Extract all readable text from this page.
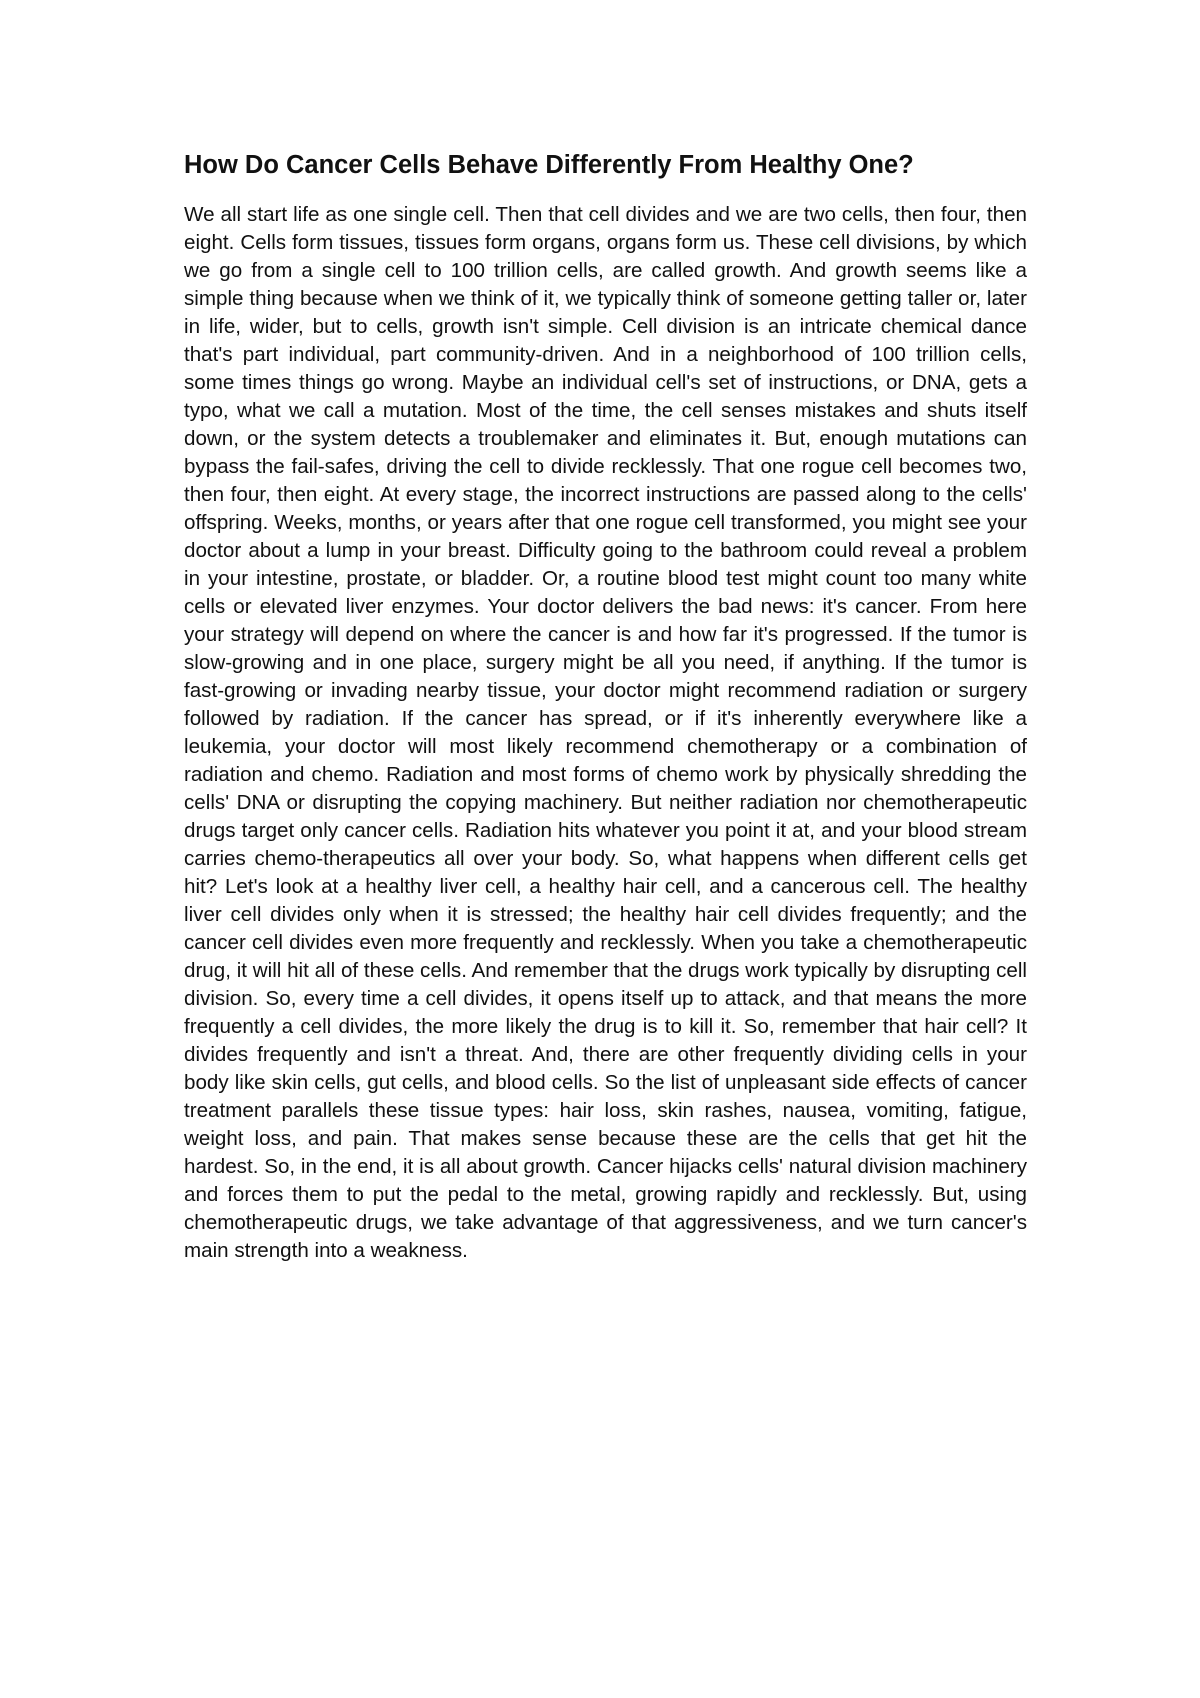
How Do Cancer Cells Behave Differently From Healthy One?

We all start life as one single cell. Then that cell divides and we are two cells, then four, then eight. Cells form tissues, tissues form organs, organs form us. These cell divisions, by which we go from a single cell to 100 trillion cells, are called growth. And growth seems like a simple thing because when we think of it, we typically think of someone getting taller or, later in life, wider, but to cells, growth isn't simple. Cell division is an intricate chemical dance that's part individual, part community-driven. And in a neighborhood of 100 trillion cells, some times things go wrong. Maybe an individual cell's set of instructions, or DNA, gets a typo, what we call a mutation. Most of the time, the cell senses mistakes and shuts itself down, or the system detects a troublemaker and eliminates it. But, enough mutations can bypass the fail-safes, driving the cell to divide recklessly. That one rogue cell becomes two, then four, then eight. At every stage, the incorrect instructions are passed along to the cells' offspring. Weeks, months, or years after that one rogue cell transformed, you might see your doctor about a lump in your breast. Difficulty going to the bathroom could reveal a problem in your intestine, prostate, or bladder. Or, a routine blood test might count too many white cells or elevated liver enzymes. Your doctor delivers the bad news: it's cancer. From here your strategy will depend on where the cancer is and how far it's progressed. If the tumor is slow-growing and in one place, surgery might be all you need, if anything. If the tumor is fast-growing or invading nearby tissue, your doctor might recommend radiation or surgery followed by radiation. If the cancer has spread, or if it's inherently everywhere like a leukemia, your doctor will most likely recommend chemotherapy or a combination of radiation and chemo. Radiation and most forms of chemo work by physically shredding the cells' DNA or disrupting the copying machinery. But neither radiation nor chemotherapeutic drugs target only cancer cells. Radiation hits whatever you point it at, and your blood stream carries chemo-therapeutics all over your body. So, what happens when different cells get hit? Let's look at a healthy liver cell, a healthy hair cell, and a cancerous cell. The healthy liver cell divides only when it is stressed; the healthy hair cell divides frequently; and the cancer cell divides even more frequently and recklessly. When you take a chemotherapeutic drug, it will hit all of these cells. And remember that the drugs work typically by disrupting cell division. So, every time a cell divides, it opens itself up to attack, and that means the more frequently a cell divides, the more likely the drug is to kill it. So, remember that hair cell? It divides frequently and isn't a threat. And, there are other frequently dividing cells in your body like skin cells, gut cells, and blood cells. So the list of unpleasant side effects of cancer treatment parallels these tissue types: hair loss, skin rashes, nausea, vomiting, fatigue, weight loss, and pain. That makes sense because these are the cells that get hit the hardest. So, in the end, it is all about growth. Cancer hijacks cells' natural division machinery and forces them to put the pedal to the metal, growing rapidly and recklessly. But, using chemotherapeutic drugs, we take advantage of that aggressiveness, and we turn cancer's main strength into a weakness.
